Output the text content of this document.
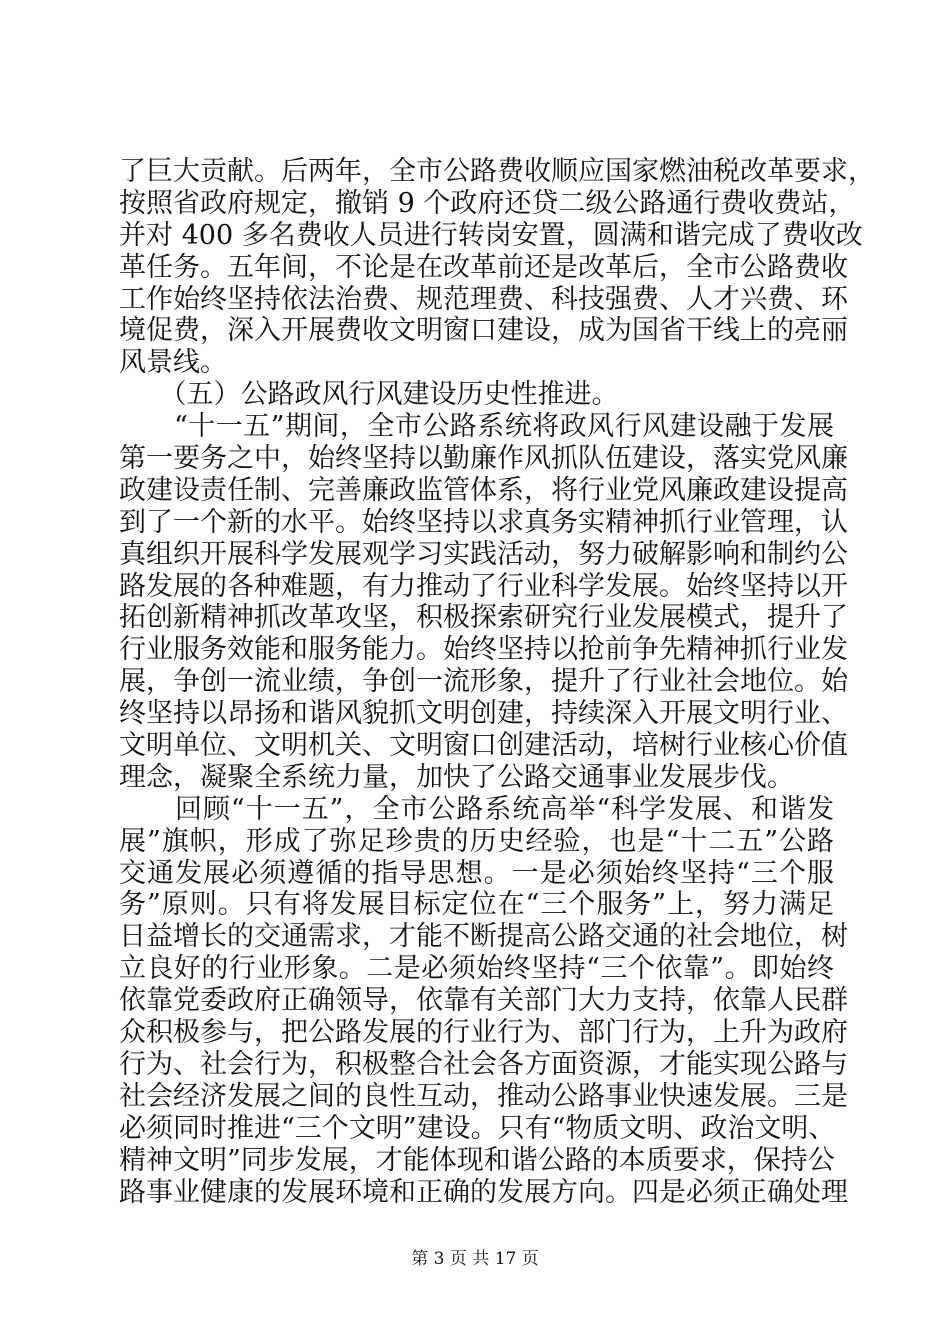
了巨大贡献。后两年，全市公路费收顺应国家燃油税改革要求，
按照省政府规定，撤销 9 个政府还贷二级公路通行费收费站，
并对 400 多名费收人员进行转岗安置，圆满和谐完成了费收改
革任务。五年间，不论是在改革前还是改革后，全市公路费收
工作始终坚持依法治费、规范理费、科技强费、人才兴费、环
境促费，深入开展费收文明窗口建设，成为国省干线上的亮丽
风景线。
　　（五）公路政风行风建设历史性推进。
　　“十一五”期间，全市公路系统将政风行风建设融于发展
第一要务之中，始终坚持以勤廉作风抓队伍建设，落实党风廉
政建设责任制、完善廉政监管体系，将行业党风廉政建设提高
到了一个新的水平。始终坚持以求真务实精神抓行业管理，认
真组织开展科学发展观学习实践活动，努力破解影响和制约公
路发展的各种难题，有力推动了行业科学发展。始终坚持以开
拓创新精神抓改革攻坚，积极探索研究行业发展模式，提升了
行业服务效能和服务能力。始终坚持以抢前争先精神抓行业发
展，争创一流业绩，争创一流形象，提升了行业社会地位。始
终坚持以昂扬和谐风貌抓文明创建，持续深入开展文明行业、
文明单位、文明机关、文明窗口创建活动，培树行业核心价值
理念，凝聚全系统力量，加快了公路交通事业发展步伐。
　　回顾“十一五”，全市公路系统高举“科学发展、和谐发
展”旗帜，形成了弥足珍贵的历史经验，也是“十二五”公路
交通发展必须遵循的指导思想。一是必须始终坚持“三个服
务”原则。只有将发展目标定位在“三个服务”上，努力满足
日益增长的交通需求，才能不断提高公路交通的社会地位，树
立良好的行业形象。二是必须始终坚持“三个依靠”。即始终
依靠党委政府正确领导，依靠有关部门大力支持，依靠人民群
众积极参与，把公路发展的行业行为、部门行为，上升为政府
行为、社会行为，积极整合社会各方面资源，才能实现公路与
社会经济发展之间的良性互动，推动公路事业快速发展。三是
必须同时推进“三个文明”建设。只有“物质文明、政治文明、
精神文明”同步发展，才能体现和谐公路的本质要求，保持公
路事业健康的发展环境和正确的发展方向。四是必须正确处理
第 3 页 共 17 页
